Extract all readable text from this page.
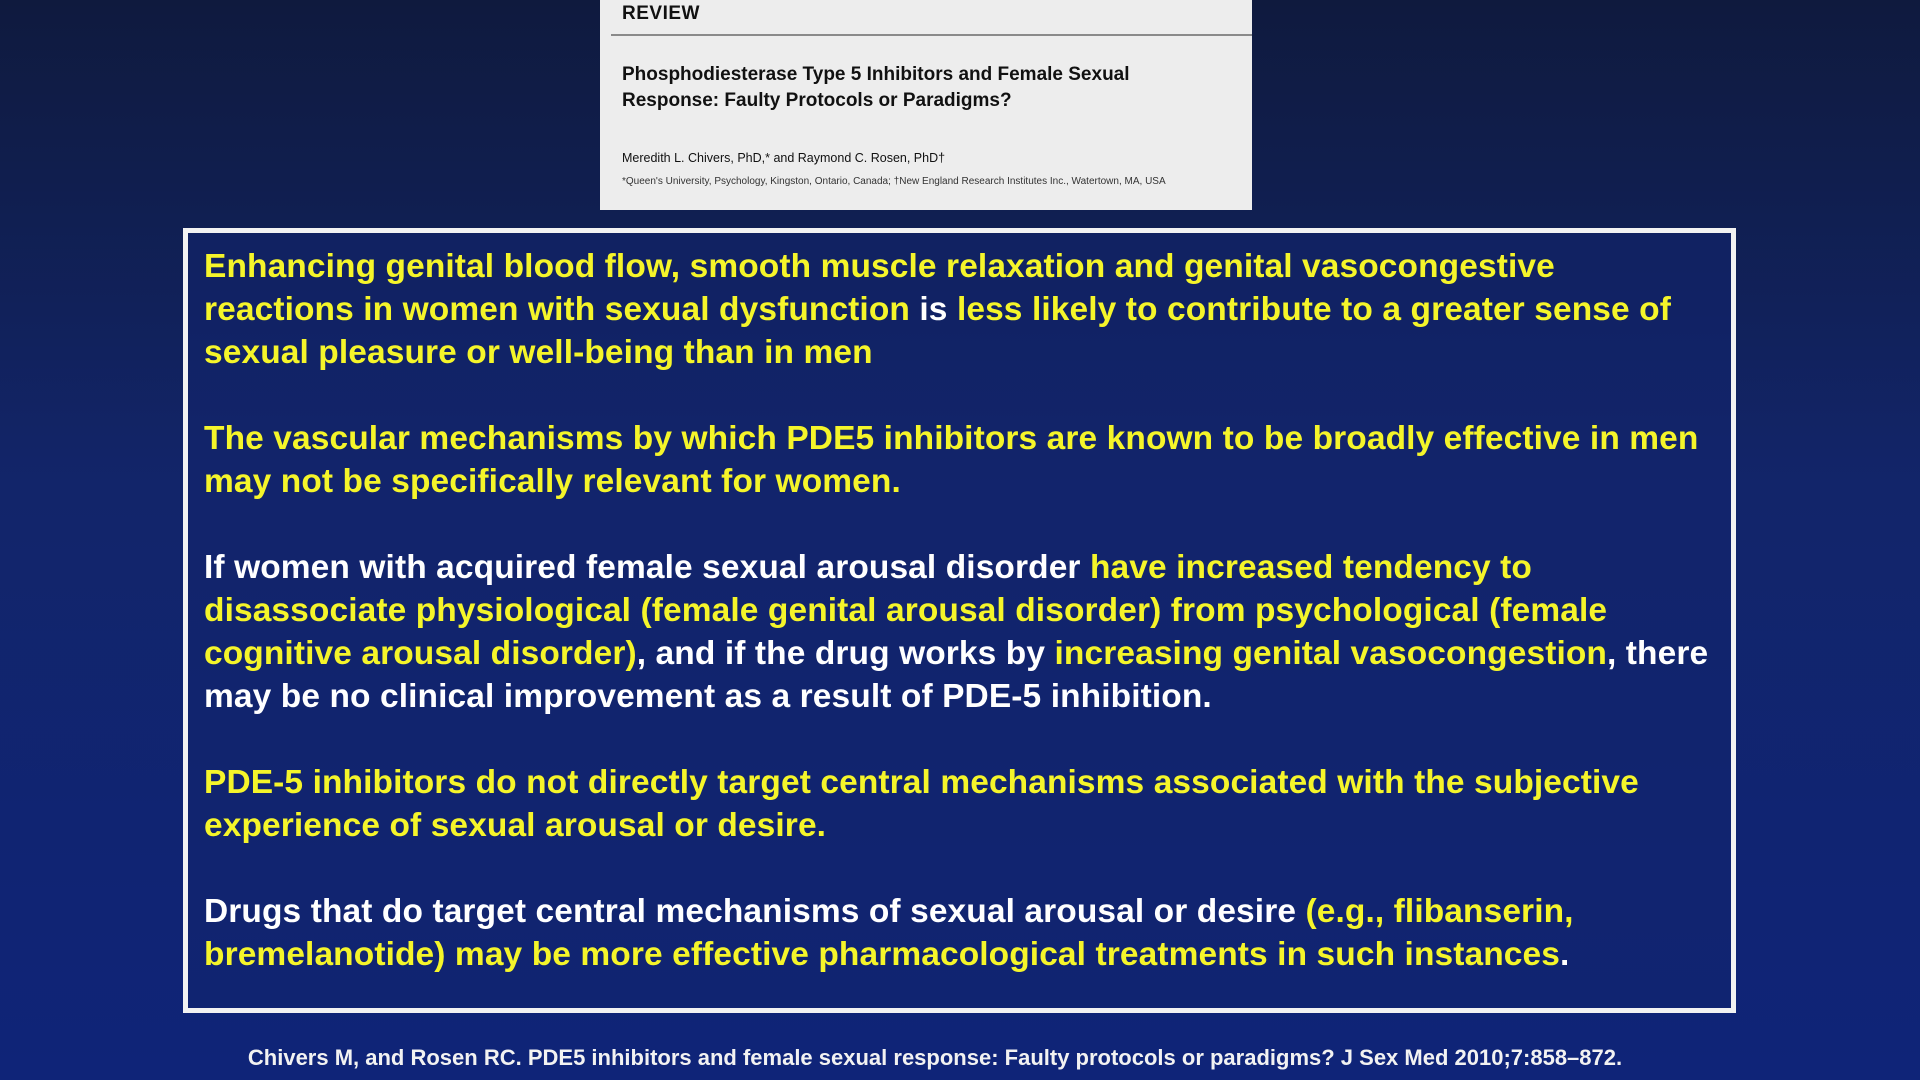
REVIEW
Phosphodiesterase Type 5 Inhibitors and Female Sexual Response: Faulty Protocols or Paradigms?
Meredith L. Chivers, PhD,* and Raymond C. Rosen, PhD†
*Queen's University, Psychology, Kingston, Ontario, Canada; †New England Research Institutes Inc., Watertown, MA, USA
Enhancing genital blood flow, smooth muscle relaxation and genital vasocongestive reactions in women with sexual dysfunction is less likely to contribute to a greater sense of sexual pleasure or well-being than in men
The vascular mechanisms by which PDE5 inhibitors are known to be broadly effective in men may not be specifically relevant for women.
If women with acquired female sexual arousal disorder have increased tendency to disassociate physiological (female genital arousal disorder) from psychological (female cognitive arousal disorder), and if the drug works by increasing genital vasocongestion, there may be no clinical improvement as a result of PDE-5 inhibition.
PDE-5 inhibitors do not directly target central mechanisms associated with the subjective experience of sexual arousal or desire.
Drugs that do target central mechanisms of sexual arousal or desire (e.g., flibanserin, bremelanotide) may be more effective pharmacological treatments in such instances.
Chivers M, and Rosen RC. PDE5 inhibitors and female sexual response: Faulty protocols or paradigms? J Sex Med 2010;7:858–872.
